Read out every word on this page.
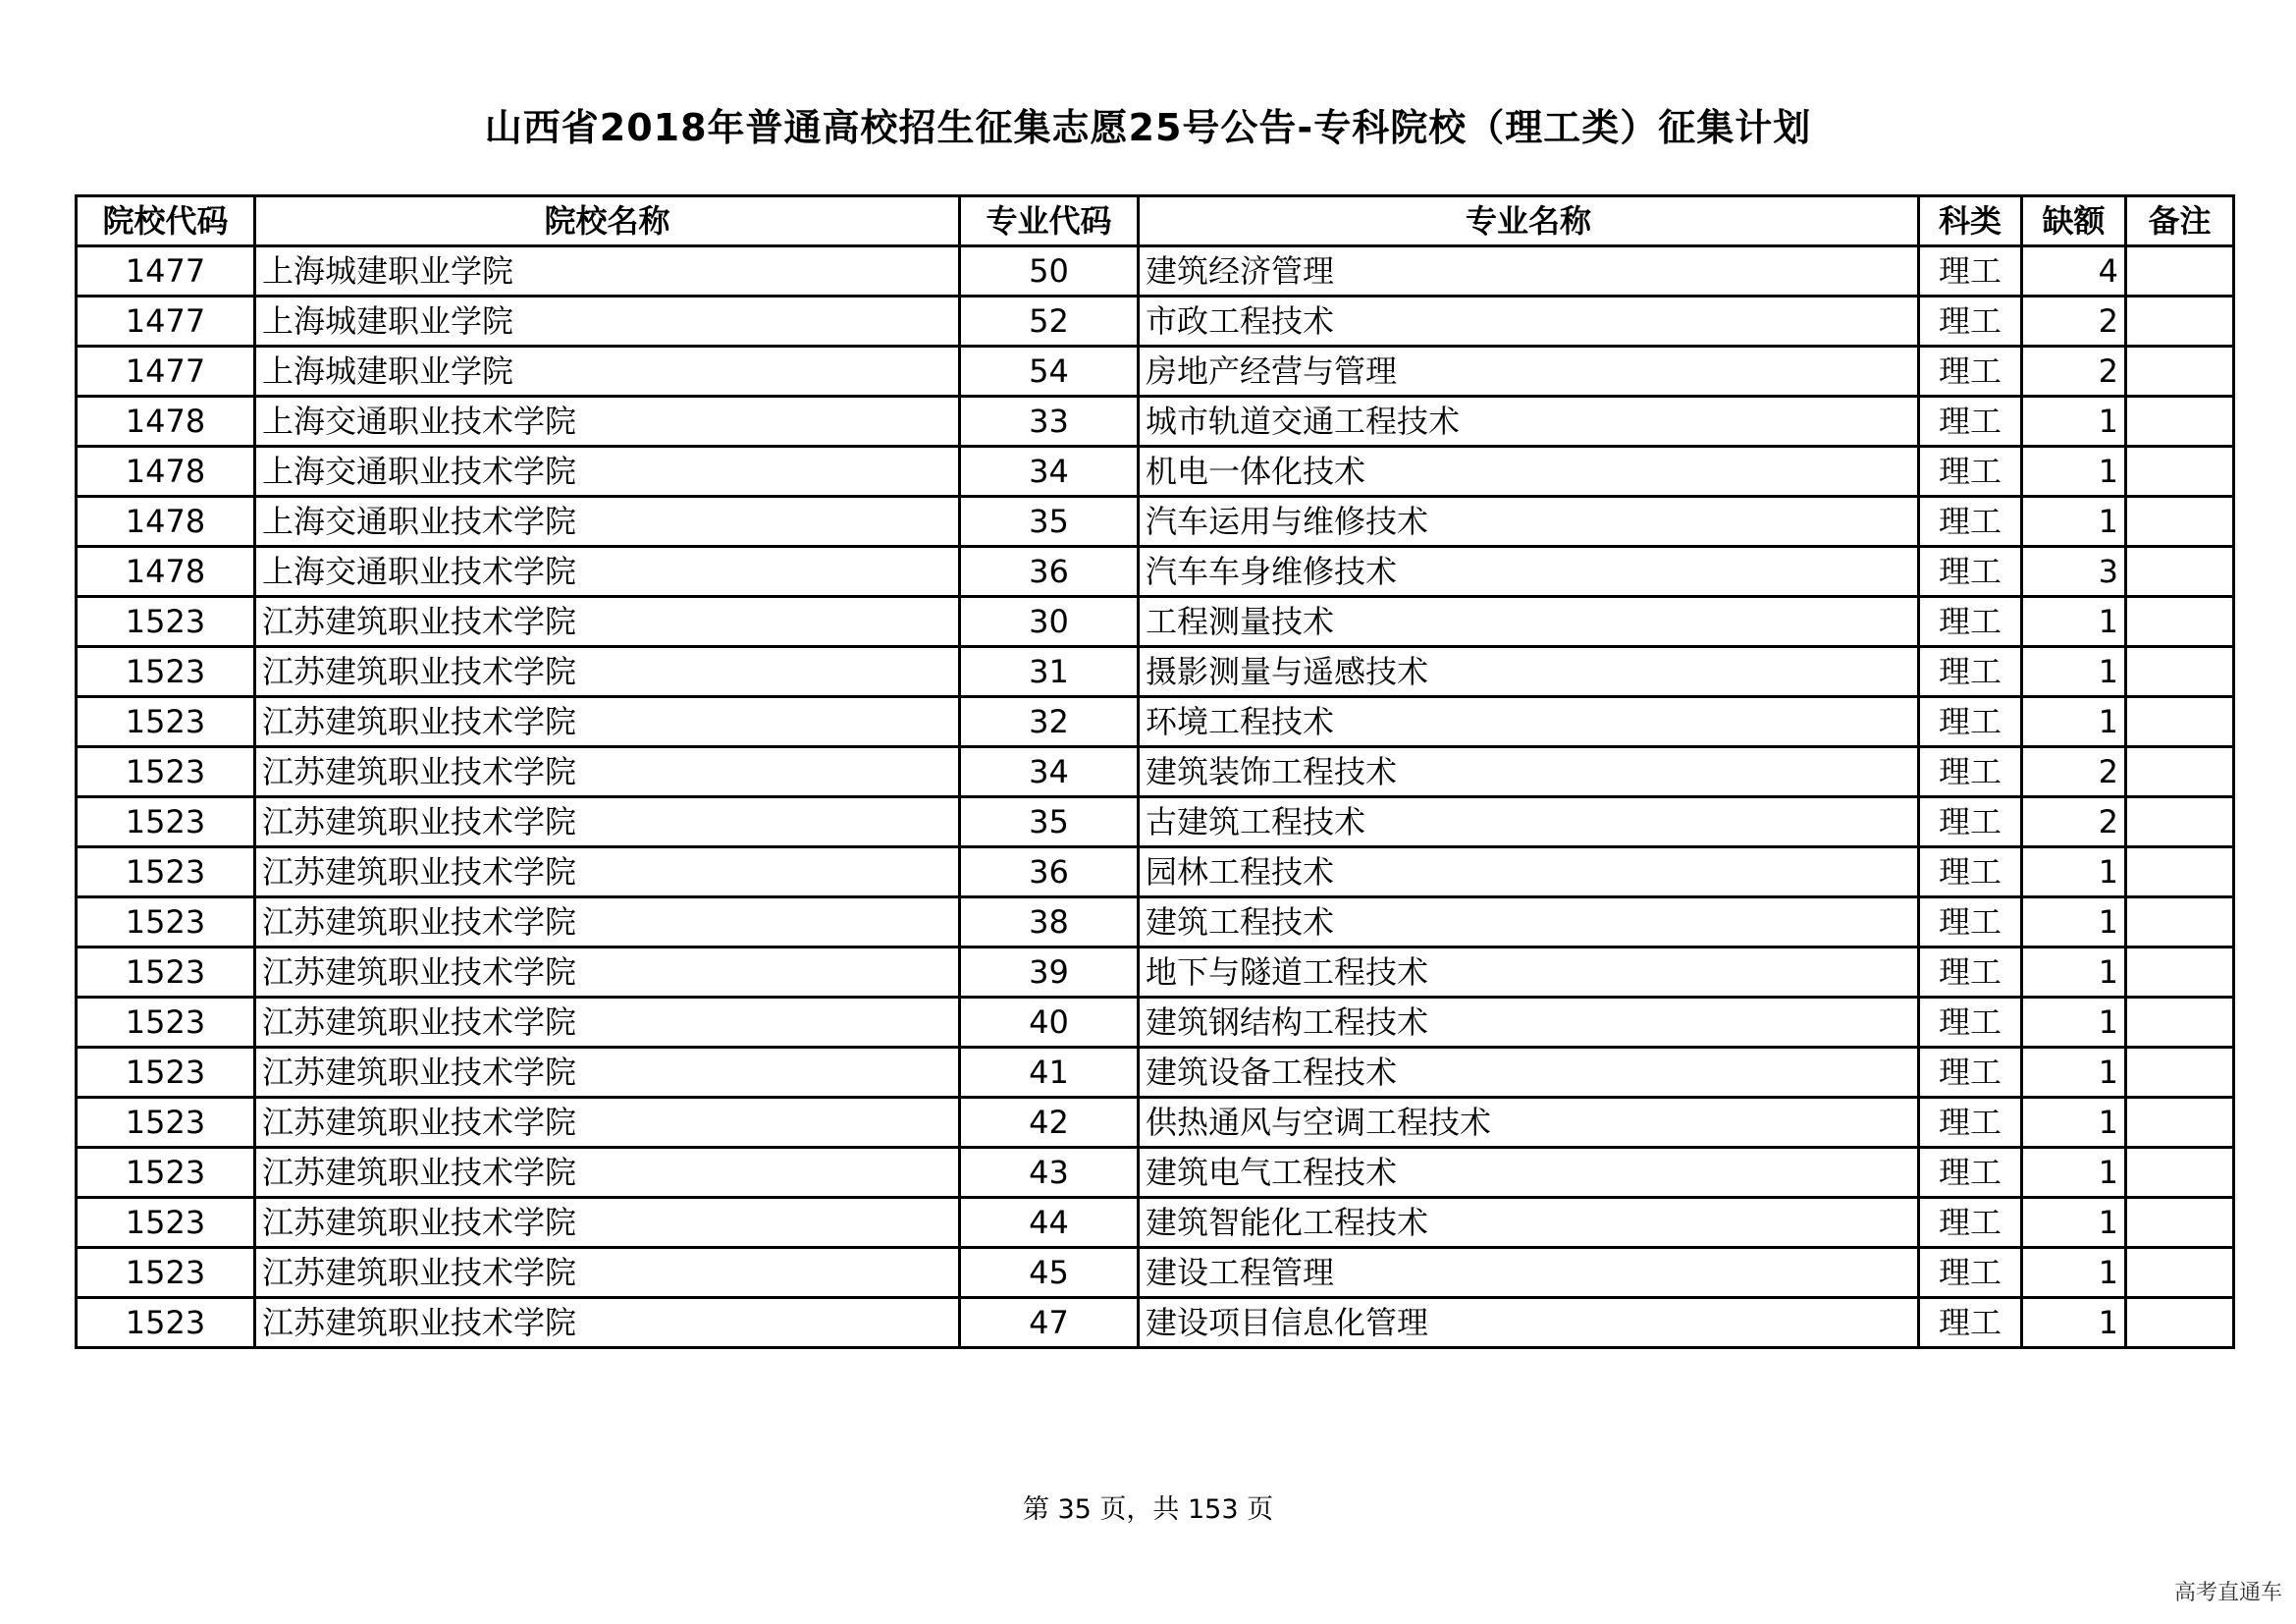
山西省2018年普通高校招生征集志愿25号公告-专科院校（理工类）征集计划
院校代码	院校名称	专业代码	专业名称	科类	缺额	备注
1477	上海城建职业学院	50	建筑经济管理	理工	4	
1477	上海城建职业学院	52	市政工程技术	理工	2	
1477	上海城建职业学院	54	房地产经营与管理	理工	2	
1478	上海交通职业技术学院	33	城市轨道交通工程技术	理工	1	
1478	上海交通职业技术学院	34	机电一体化技术	理工	1	
1478	上海交通职业技术学院	35	汽车运用与维修技术	理工	1	
1478	上海交通职业技术学院	36	汽车车身维修技术	理工	3	
1523	江苏建筑职业技术学院	30	工程测量技术	理工	1	
1523	江苏建筑职业技术学院	31	摄影测量与遥感技术	理工	1	
1523	江苏建筑职业技术学院	32	环境工程技术	理工	1	
1523	江苏建筑职业技术学院	34	建筑装饰工程技术	理工	2	
1523	江苏建筑职业技术学院	35	古建筑工程技术	理工	2	
1523	江苏建筑职业技术学院	36	园林工程技术	理工	1	
1523	江苏建筑职业技术学院	38	建筑工程技术	理工	1	
1523	江苏建筑职业技术学院	39	地下与隧道工程技术	理工	1	
1523	江苏建筑职业技术学院	40	建筑钢结构工程技术	理工	1	
1523	江苏建筑职业技术学院	41	建筑设备工程技术	理工	1	
1523	江苏建筑职业技术学院	42	供热通风与空调工程技术	理工	1	
1523	江苏建筑职业技术学院	43	建筑电气工程技术	理工	1	
1523	江苏建筑职业技术学院	44	建筑智能化工程技术	理工	1	
1523	江苏建筑职业技术学院	45	建设工程管理	理工	1	
1523	江苏建筑职业技术学院	47	建设项目信息化管理	理工	1	
第 35 页，共 153 页
高考直通车
